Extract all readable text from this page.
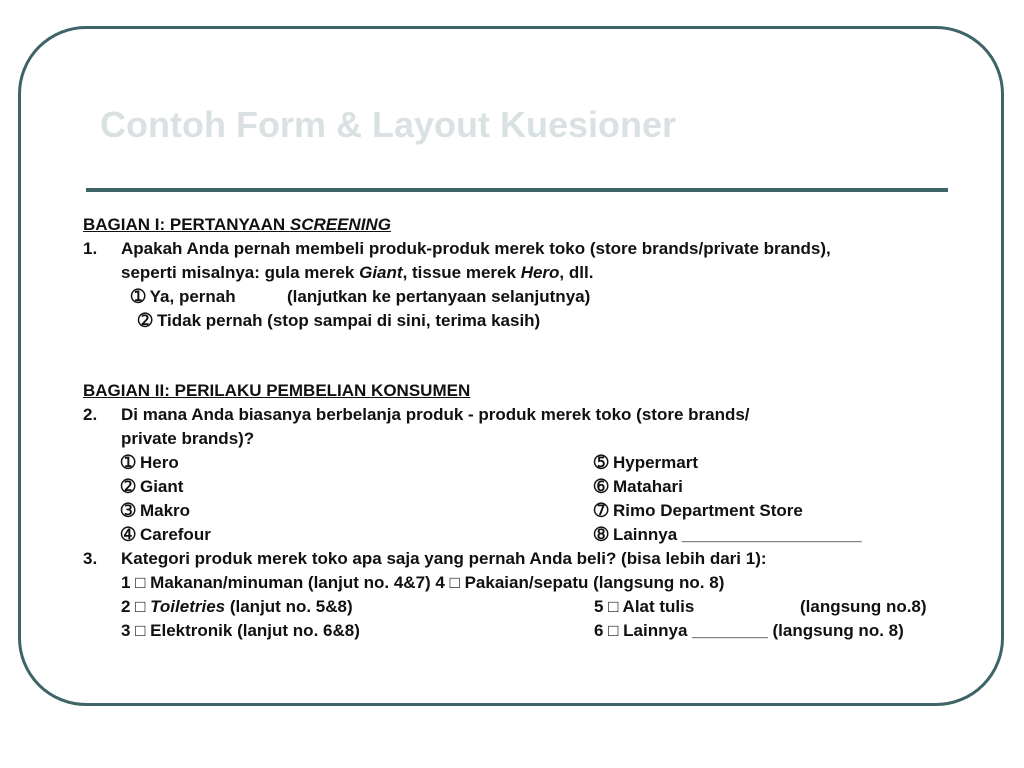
Contoh Form & Layout Kuesioner
BAGIAN I: PERTANYAAN SCREENING
1. Apakah Anda pernah membeli produk-produk merek toko (store brands/private brands),
seperti misalnya: gula merek Giant, tissue merek Hero, dll.
➀ Ya, pernah	(lanjutkan ke pertanyaan selanjutnya)
➁ Tidak pernah (stop sampai di sini, terima kasih)
BAGIAN II: PERILAKU PEMBELIAN KONSUMEN
2. Di mana Anda biasanya berbelanja produk - produk merek toko (store brands/
private brands)?
➀ Hero	➄ Hypermart
➁ Giant	➅ Matahari
➂ Makro	➆ Rimo Department Store
➃ Carefour	➇ Lainnya ___________________
3. Kategori produk merek toko apa saja yang pernah Anda beli? (bisa lebih dari 1):
1 □ Makanan/minuman (lanjut no. 4&7) 4 □ Pakaian/sepatu (langsung no. 8)
2 □ Toiletries (lanjut no. 5&8)	5 □ Alat tulis	(langsung no.8)
3 □ Elektronik (lanjut no. 6&8)	6 □ Lainnya ________ (langsung no. 8)
